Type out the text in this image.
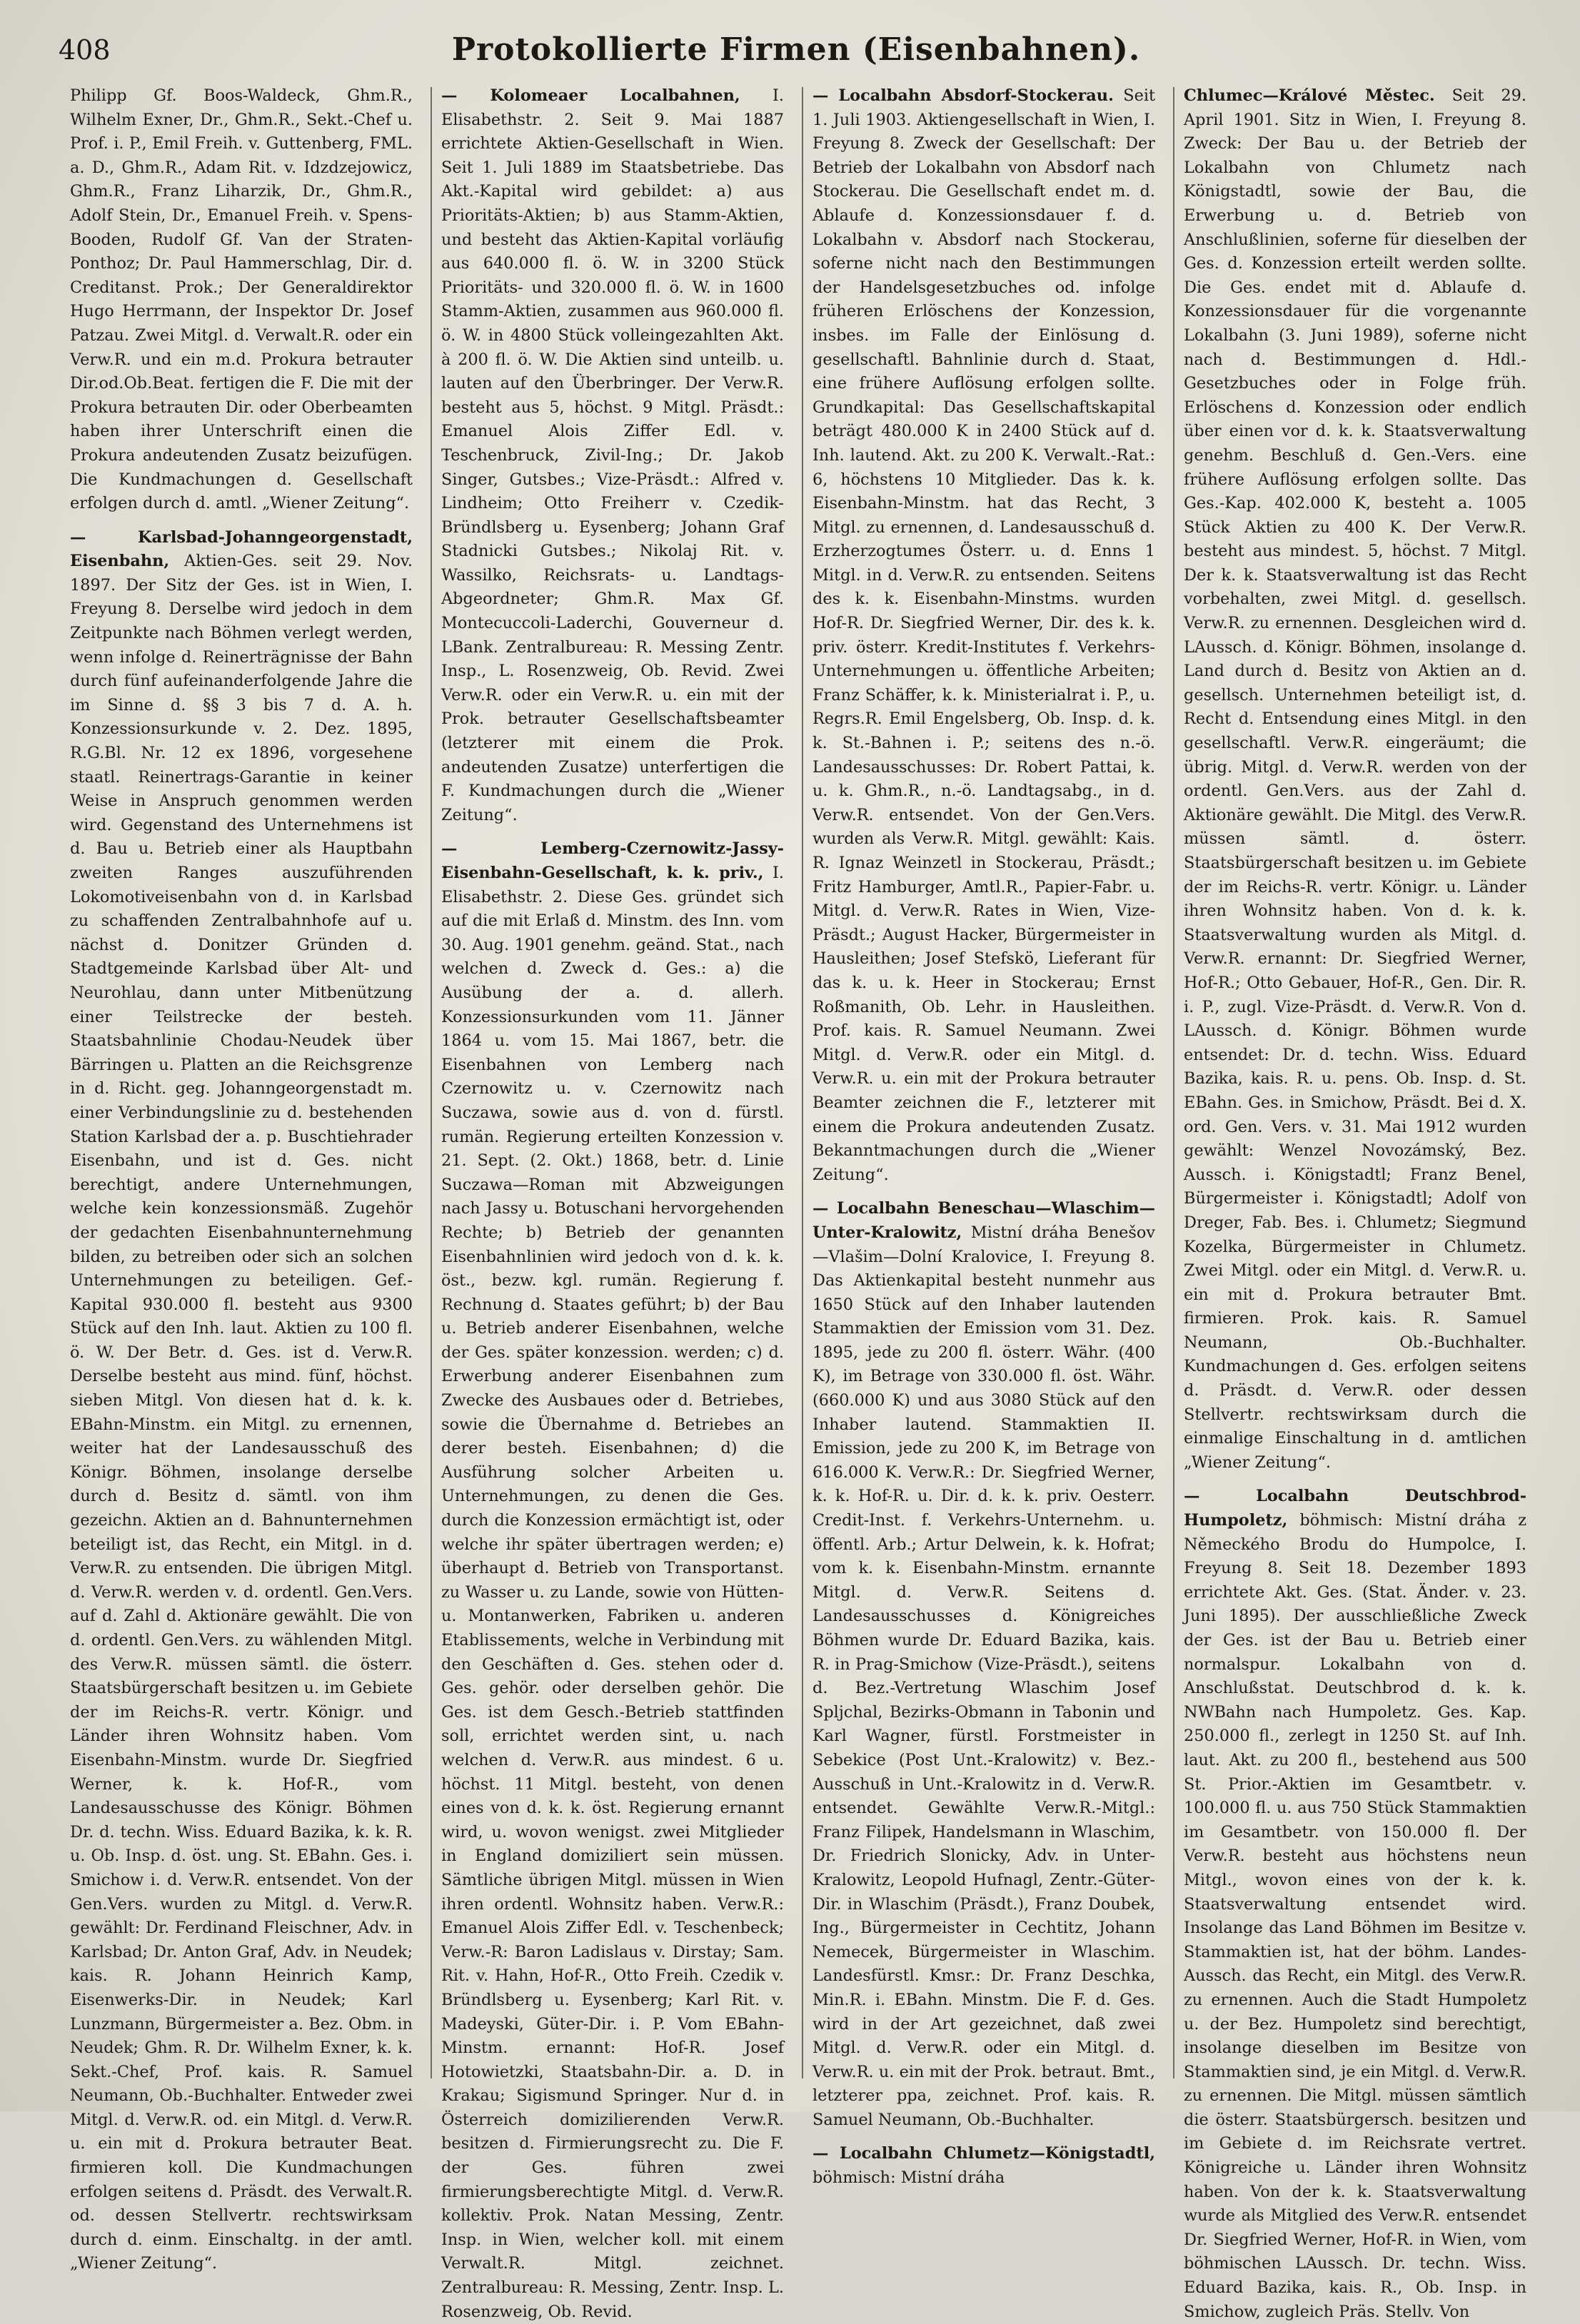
408	Protokollierte Firmen (Eisenbahnen).

Philipp Gf. Boos-Waldeck, Ghm.R., Wilhelm Exner, Dr., Ghm.R., Sekt.-Chef u. Prof. i. P., Emil Freih. v. Guttenberg, FML. a. D., Ghm.R., Adam Rit. v. Idzdzejowicz, Ghm.R., Franz Liharzik, Dr., Ghm.R., Adolf Stein, Dr., Emanuel Freih. v. Spens-Booden, Rudolf Gf. Van der Straten-Ponthoz; Dr. Paul Hammerschlag, Dir. d. Creditanst. Prok.; Der Generaldirektor Hugo Herrmann, der Inspektor Dr. Josef Patzau. Zwei Mitgl. d. Verwalt.R. oder ein Verw.R. und ein m.d. Prokura betrauter Dir.od.Ob.Beat. fertigen die F. Die mit der Prokura betrauten Dir. oder Oberbeamten haben ihrer Unterschrift einen die Prokura andeutenden Zusatz beizufügen. Die Kundmachungen d. Gesellschaft erfolgen durch d. amtl. „Wiener Zeitung“.

— Karlsbad-Johanngeorgenstadt, Eisenbahn, Aktien-Ges. seit 29. Nov. 1897. Der Sitz der Ges. ist in Wien, I. Freyung 8. Derselbe wird jedoch in dem Zeitpunkte nach Böhmen verlegt werden, wenn infolge d. Reinerträgnisse der Bahn durch fünf aufeinanderfolgende Jahre die im Sinne d. §§ 3 bis 7 d. A. h. Konzessionsurkunde v. 2. Dez. 1895, R.G.Bl. Nr. 12 ex 1896, vorgesehene staatl. Reinertrags-Garantie in keiner Weise in Anspruch genommen werden wird. Gegenstand des Unternehmens ist d. Bau u. Betrieb einer als Hauptbahn zweiten Ranges auszuführenden Lokomotiveisenbahn von d. in Karlsbad zu schaffenden Zentralbahnhofe auf u. nächst d. Donitzer Gründen d. Stadtgemeinde Karlsbad über Alt- und Neurohlau, dann unter Mitbenützung einer Teilstrecke der besteh. Staatsbahnlinie Chodau-Neudek über Bärringen u. Platten an die Reichsgrenze in d. Richt. geg. Johanngeorgenstadt m. einer Verbindungslinie zu d. bestehenden Station Karlsbad der a. p. Buschtiehrader Eisenbahn, und ist d. Ges. nicht berechtigt, andere Unternehmungen, welche kein konzessionsmäß. Zugehör der gedachten Eisenbahnunternehmung bilden, zu betreiben oder sich an solchen Unternehmungen zu beteiligen. Gef.-Kapital 930.000 fl. besteht aus 9300 Stück auf den Inh. laut. Aktien zu 100 fl. ö. W. Der Betr. d. Ges. ist d. Verw.R. Derselbe besteht aus mind. fünf, höchst. sieben Mitgl. Von diesen hat d. k. k. EBahn-Minstm. ein Mitgl. zu ernennen, weiter hat der Landesausschuß des Königr. Böhmen, insolange derselbe durch d. Besitz d. sämtl. von ihm gezeichn. Aktien an d. Bahnunternehmen beteiligt ist, das Recht, ein Mitgl. in d. Verw.R. zu entsenden. Die übrigen Mitgl. d. Verw.R. werden v. d. ordentl. Gen.Vers. auf d. Zahl d. Aktionäre gewählt. Die von d. ordentl. Gen.Vers. zu wählenden Mitgl. des Verw.R. müssen sämtl. die österr. Staatsbürgerschaft besitzen u. im Gebiete der im Reichs-R. vertr. Königr. und Länder ihren Wohnsitz haben. Vom Eisenbahn-Minstm. wurde Dr. Siegfried Werner, k. k. Hof-R., vom Landesausschusse des Königr. Böhmen Dr. d. techn. Wiss. Eduard Bazika, k. k. R. u. Ob. Insp. d. öst. ung. St. EBahn. Ges. i. Smichow i. d. Verw.R. entsendet. Von der Gen.Vers. wurden zu Mitgl. d. Verw.R. gewählt: Dr. Ferdinand Fleischner, Adv. in Karlsbad; Dr. Anton Graf, Adv. in Neudek; kais. R. Johann Heinrich Kamp, Eisenwerks-Dir. in Neudek; Karl Lunzmann, Bürgermeister a. Bez. Obm. in Neudek; Ghm. R. Dr. Wilhelm Exner, k. k. Sekt.-Chef, Prof. kais. R. Samuel Neumann, Ob.-Buchhalter. Entweder zwei Mitgl. d. Verw.R. od. ein Mitgl. d. Verw.R. u. ein mit d. Prokura betrauter Beat. firmieren koll. Die Kundmachungen erfolgen seitens d. Präsdt. des Verwalt.R. od. dessen Stellvertr. rechtswirksam durch d. einm. Einschaltg. in der amtl. „Wiener Zeitung“.

— Kolomeaer Localbahnen, I. Elisabethstr. 2. Seit 9. Mai 1887 errichtete Aktien-Gesellschaft in Wien. Seit 1. Juli 1889 im Staatsbetriebe. Das Akt.-Kapital wird gebildet: a) aus Prioritäts-Aktien; b) aus Stamm-Aktien, und besteht das Aktien-Kapital vorläufig aus 640.000 fl. ö. W. in 3200 Stück Prioritäts- und 320.000 fl. ö. W. in 1600 Stamm-Aktien, zusammen aus 960.000 fl. ö. W. in 4800 Stück volleingezahlten Akt. à 200 fl. ö. W. Die Aktien sind unteilb. u. lauten auf den Überbringer. Der Verw.R. besteht aus 5, höchst. 9 Mitgl. Präsdt.: Emanuel Alois Ziffer Edl. v. Teschenbruck, Zivil-Ing.; Dr. Jakob Singer, Gutsbes.; Vize-Präsdt.: Alfred v. Lindheim; Otto Freiherr v. Czedik-Bründlsberg u. Eysenberg; Johann Graf Stadnicki Gutsbes.; Nikolaj Rit. v. Wassilko, Reichsrats- u. Landtags-Abgeordneter; Ghm.R. Max Gf. Montecuccoli-Laderchi, Gouverneur d. LBank. Zentralbureau: R. Messing Zentr. Insp., L. Rosenzweig, Ob. Revid. Zwei Verw.R. oder ein Verw.R. u. ein mit der Prok. betrauter Gesellschaftsbeamter (letzterer mit einem die Prok. andeutenden Zusatze) unterfertigen die F. Kundmachungen durch die „Wiener Zeitung“.

— Lemberg-Czernowitz-Jassy-Eisenbahn-Gesellschaft, k. k. priv., I. Elisabethstr. 2. Diese Ges. gründet sich auf die mit Erlaß d. Minstm. des Inn. vom 30. Aug. 1901 genehm. geänd. Stat., nach welchen d. Zweck d. Ges.: a) die Ausübung der a. d. allerh. Konzessionsurkunden vom 11. Jänner 1864 u. vom 15. Mai 1867, betr. die Eisenbahnen von Lemberg nach Czernowitz u. v. Czernowitz nach Suczawa, sowie aus d. von d. fürstl. rumän. Regierung erteilten Konzession v. 21. Sept. (2. Okt.) 1868, betr. d. Linie Suczawa—Roman mit Abzweigungen nach Jassy u. Botuschani hervorgehenden Rechte; b) Betrieb der genannten Eisenbahnlinien wird jedoch von d. k. k. öst., bezw. kgl. rumän. Regierung f. Rechnung d. Staates geführt; b) der Bau u. Betrieb anderer Eisenbahnen, welche der Ges. später konzession. werden; c) d. Erwerbung anderer Eisenbahnen zum Zwecke des Ausbaues oder d. Betriebes, sowie die Übernahme d. Betriebes an derer besteh. Eisenbahnen; d) die Ausführung solcher Arbeiten u. Unternehmungen, zu denen die Ges. durch die Konzession ermächtigt ist, oder welche ihr später übertragen werden; e) überhaupt d. Betrieb von Transportanst. zu Wasser u. zu Lande, sowie von Hütten- u. Montanwerken, Fabriken u. anderen Etablissements, welche in Verbindung mit den Geschäften d. Ges. stehen oder d. Ges. gehör. oder derselben gehör. Die Ges. ist dem Gesch.-Betrieb stattfinden soll, errichtet werden sint, u. nach welchen d. Verw.R. aus mindest. 6 u. höchst. 11 Mitgl. besteht, von denen eines von d. k. k. öst. Regierung ernannt wird, u. wovon wenigst. zwei Mitglieder in England domiziliert sein müssen. Sämtliche übrigen Mitgl. müssen in Wien ihren ordentl. Wohnsitz haben. Verw.R.: Emanuel Alois Ziffer Edl. v. Teschenbeck; Verw.-R: Baron Ladislaus v. Dirstay; Sam. Rit. v. Hahn, Hof-R., Otto Freih. Czedik v. Bründlsberg u. Eysenberg; Karl Rit. v. Madeyski, Güter-Dir. i. P. Vom EBahn-Minstm. ernannt: Hof-R. Josef Hotowietzki, Staatsbahn-Dir. a. D. in Krakau; Sigismund Springer. Nur d. in Österreich domizilierenden Verw.R. besitzen d. Firmierungsrecht zu. Die F. der Ges. führen zwei firmierungsberechtigte Mitgl. d. Verw.R. kollektiv. Prok. Natan Messing, Zentr. Insp. in Wien, welcher koll. mit einem Verwalt.R. Mitgl. zeichnet. Zentralbureau: R. Messing, Zentr. Insp. L. Rosenzweig, Ob. Revid.

— Localbahn Absdorf-Stockerau. Seit 1. Juli 1903. Aktiengesellschaft in Wien, I. Freyung 8. Zweck der Gesellschaft: Der Betrieb der Lokalbahn von Absdorf nach Stockerau. Die Gesellschaft endet m. d. Ablaufe d. Konzessionsdauer f. d. Lokalbahn v. Absdorf nach Stockerau, soferne nicht nach den Bestimmungen der Handelsgesetzbuches od. infolge früheren Erlöschens der Konzession, insbes. im Falle der Einlösung d. gesellschaftl. Bahnlinie durch d. Staat, eine frühere Auflösung erfolgen sollte. Grundkapital: Das Gesellschaftskapital beträgt 480.000 K in 2400 Stück auf d. Inh. lautend. Akt. zu 200 K. Verwalt.-Rat.: 6, höchstens 10 Mitglieder. Das k. k. Eisenbahn-Minstm. hat das Recht, 3 Mitgl. zu ernennen, d. Landesausschuß d. Erzherzogtumes Österr. u. d. Enns 1 Mitgl. in d. Verw.R. zu entsenden. Seitens des k. k. Eisenbahn-Minstms. wurden Hof-R. Dr. Siegfried Werner, Dir. des k. k. priv. österr. Kredit-Institutes f. Verkehrs-Unternehmungen u. öffentliche Arbeiten; Franz Schäffer, k. k. Ministerialrat i. P., u. Regrs.R. Emil Engelsberg, Ob. Insp. d. k. k. St.-Bahnen i. P.; seitens des n.-ö. Landesausschusses: Dr. Robert Pattai, k. u. k. Ghm.R., n.-ö. Landtagsabg., in d. Verw.R. entsendet. Von der Gen.Vers. wurden als Verw.R. Mitgl. gewählt: Kais. R. Ignaz Weinzetl in Stockerau, Präsdt.; Fritz Hamburger, Amtl.R., Papier-Fabr. u. Mitgl. d. Verw.R. Rates in Wien, Vize-Präsdt.; August Hacker, Bürgermeister in Hausleithen; Josef Stefskö, Lieferant für das k. u. k. Heer in Stockerau; Ernst Roßmanith, Ob. Lehr. in Hausleithen. Prof. kais. R. Samuel Neumann. Zwei Mitgl. d. Verw.R. oder ein Mitgl. d. Verw.R. u. ein mit der Prokura betrauter Beamter zeichnen die F., letzterer mit einem die Prokura andeutenden Zusatz. Bekanntmachungen durch die „Wiener Zeitung“.

— Localbahn Beneschau—Wlaschim—Unter-Kralowitz, Mistní dráha Benešov—Vlašim—Dolní Kralovice, I. Freyung 8. Das Aktienkapital besteht nunmehr aus 1650 Stück auf den Inhaber lautenden Stammaktien der Emission vom 31. Dez. 1895, jede zu 200 fl. österr. Währ. (400 K), im Betrage von 330.000 fl. öst. Währ. (660.000 K) und aus 3080 Stück auf den Inhaber lautend. Stammaktien II. Emission, jede zu 200 K, im Betrage von 616.000 K. Verw.R.: Dr. Siegfried Werner, k. k. Hof-R. u. Dir. d. k. k. priv. Oesterr. Credit-Inst. f. Verkehrs-Unternehm. u. öffentl. Arb.; Artur Delwein, k. k. Hofrat; vom k. k. Eisenbahn-Minstm. ernannte Mitgl. d. Verw.R. Seitens d. Landesausschusses d. Königreiches Böhmen wurde Dr. Eduard Bazika, kais. R. in Prag-Smichow (Vize-Präsdt.), seitens d. Bez.-Vertretung Wlaschim Josef Spljchal, Bezirks-Obmann in Tabonin und Karl Wagner, fürstl. Forstmeister in Sebekice (Post Unt.-Kralowitz) v. Bez.-Ausschuß in Unt.-Kralowitz in d. Verw.R. entsendet. Gewählte Verw.R.-Mitgl.: Franz Filipek, Handelsmann in Wlaschim, Dr. Friedrich Slonicky, Adv. in Unter-Kralowitz, Leopold Hufnagl, Zentr.-Güter-Dir. in Wlaschim (Präsdt.), Franz Doubek, Ing., Bürgermeister in Cechtitz, Johann Nemecek, Bürgermeister in Wlaschim. Landesfürstl. Kmsr.: Dr. Franz Deschka, Min.R. i. EBahn. Minstm. Die F. d. Ges. wird in der Art gezeichnet, daß zwei Mitgl. d. Verw.R. oder ein Mitgl. d. Verw.R. u. ein mit der Prok. betraut. Bmt., letzterer ppa, zeichnet. Prof. kais. R. Samuel Neumann, Ob.-Buchhalter.

— Localbahn Chlumetz—Königstadtl, böhmisch: Mistní dráha

Chlumec—Králové Městec. Seit 29. April 1901. Sitz in Wien, I. Freyung 8. Zweck: Der Bau u. der Betrieb der Lokalbahn von Chlumetz nach Königstadtl, sowie der Bau, die Erwerbung u. d. Betrieb von Anschlußlinien, soferne für dieselben der Ges. d. Konzession erteilt werden sollte. Die Ges. endet mit d. Ablaufe d. Konzessionsdauer für die vorgenannte Lokalbahn (3. Juni 1989), soferne nicht nach d. Bestimmungen d. Hdl.-Gesetzbuches oder in Folge früh. Erlöschens d. Konzession oder endlich über einen vor d. k. k. Staatsverwaltung genehm. Beschluß d. Gen.-Vers. eine frühere Auflösung erfolgen sollte. Das Ges.-Kap. 402.000 K, besteht a. 1005 Stück Aktien zu 400 K. Der Verw.R. besteht aus mindest. 5, höchst. 7 Mitgl. Der k. k. Staatsverwaltung ist das Recht vorbehalten, zwei Mitgl. d. gesellsch. Verw.R. zu ernennen. Desgleichen wird d. LAussch. d. Königr. Böhmen, insolange d. Land durch d. Besitz von Aktien an d. gesellsch. Unternehmen beteiligt ist, d. Recht d. Entsendung eines Mitgl. in den gesellschaftl. Verw.R. eingeräumt; die übrig. Mitgl. d. Verw.R. werden von der ordentl. Gen.Vers. aus der Zahl d. Aktionäre gewählt. Die Mitgl. des Verw.R. müssen sämtl. d. österr. Staatsbürgerschaft besitzen u. im Gebiete der im Reichs-R. vertr. Königr. u. Länder ihren Wohnsitz haben. Von d. k. k. Staatsverwaltung wurden als Mitgl. d. Verw.R. ernannt: Dr. Siegfried Werner, Hof-R.; Otto Gebauer, Hof-R., Gen. Dir. R. i. P., zugl. Vize-Präsdt. d. Verw.R. Von d. LAussch. d. Königr. Böhmen wurde entsendet: Dr. d. techn. Wiss. Eduard Bazika, kais. R. u. pens. Ob. Insp. d. St. EBahn. Ges. in Smichow, Präsdt. Bei d. X. ord. Gen. Vers. v. 31. Mai 1912 wurden gewählt: Wenzel Novozámský, Bez. Aussch. i. Königstadtl; Franz Benel, Bürgermeister i. Königstadtl; Adolf von Dreger, Fab. Bes. i. Chlumetz; Siegmund Kozelka, Bürgermeister in Chlumetz. Zwei Mitgl. oder ein Mitgl. d. Verw.R. u. ein mit d. Prokura betrauter Bmt. firmieren. Prok. kais. R. Samuel Neumann, Ob.-Buchhalter. Kundmachungen d. Ges. erfolgen seitens d. Präsdt. d. Verw.R. oder dessen Stellvertr. rechtswirksam durch die einmalige Einschaltung in d. amtlichen „Wiener Zeitung“.

— Localbahn Deutschbrod-Humpoletz, böhmisch: Mistní dráha z Německého Brodu do Humpolce, I. Freyung 8. Seit 18. Dezember 1893 errichtete Akt. Ges. (Stat. Änder. v. 23. Juni 1895). Der ausschließliche Zweck der Ges. ist der Bau u. Betrieb einer normalspur. Lokalbahn von d. Anschlußstat. Deutschbrod d. k. k. NWBahn nach Humpoletz. Ges. Kap. 250.000 fl., zerlegt in 1250 St. auf Inh. laut. Akt. zu 200 fl., bestehend aus 500 St. Prior.-Aktien im Gesamtbetr. v. 100.000 fl. u. aus 750 Stück Stammaktien im Gesamtbetr. von 150.000 fl. Der Verw.R. besteht aus höchstens neun Mitgl., wovon eines von der k. k. Staatsverwaltung entsendet wird. Insolange das Land Böhmen im Besitze v. Stammaktien ist, hat der böhm. Landes-Aussch. das Recht, ein Mitgl. des Verw.R. zu ernennen. Auch die Stadt Humpoletz u. der Bez. Humpoletz sind berechtigt, insolange dieselben im Besitze von Stammaktien sind, je ein Mitgl. d. Verw.R. zu ernennen. Die Mitgl. müssen sämtlich die österr. Staatsbürgersch. besitzen und im Gebiete d. im Reichsrate vertret. Königreiche u. Länder ihren Wohnsitz haben. Von der k. k. Staatsverwaltung wurde als Mitglied des Verw.R. entsendet Dr. Siegfried Werner, Hof-R. in Wien, vom böhmischen LAussch. Dr. techn. Wiss. Eduard Bazika, kais. R., Ob. Insp. in Smichow, zugleich Präs. Stellv. Von
